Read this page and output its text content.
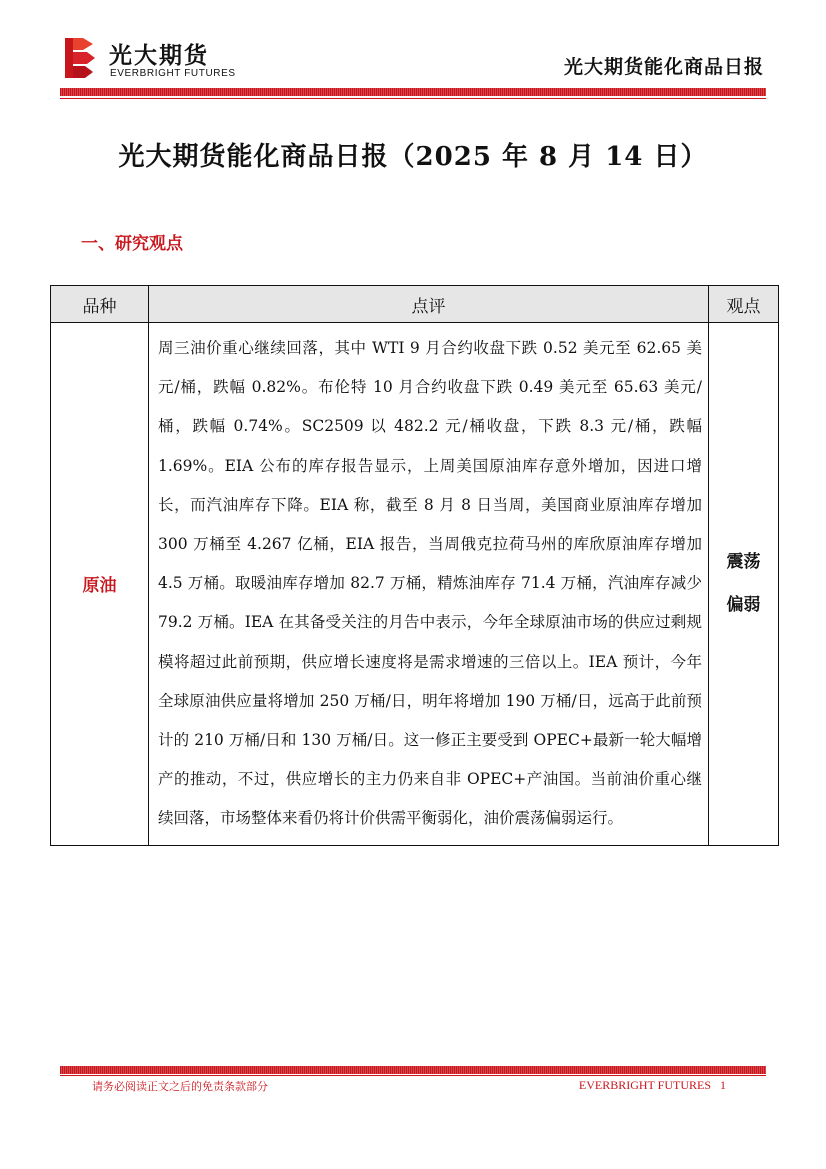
光大期货
EVERBRIGHT FUTURES	光大期货能化商品日报
光大期货能化商品日报（2025 年 8 月 14 日）
一、研究观点
品种	点评	观点
原油	周三油价重心继续回落，其中 WTI 9 月合约收盘下跌 0.52 美元至 62.65 美元/桶，跌幅 0.82%。布伦特 10 月合约收盘下跌 0.49 美元至 65.63 美元/桶，跌幅 0.74%。SC2509 以 482.2 元/桶收盘，下跌 8.3 元/桶，跌幅 1.69%。EIA 公布的库存报告显示，上周美国原油库存意外增加，因进口增长，而汽油库存下降。EIA 称，截至 8 月 8 日当周，美国商业原油库存增加 300 万桶至 4.267 亿桶，EIA 报告，当周俄克拉荷马州的库欣原油库存增加 4.5 万桶。取暖油库存增加 82.7 万桶，精炼油库存 71.4 万桶，汽油库存减少 79.2 万桶。IEA 在其备受关注的月告中表示，今年全球原油市场的供应过剩规模将超过此前预期，供应增长速度将是需求增速的三倍以上。IEA 预计，今年全球原油供应量将增加 250 万桶/日，明年将增加 190 万桶/日，远高于此前预计的 210 万桶/日和 130 万桶/日。这一修正主要受到 OPEC+最新一轮大幅增产的推动，不过，供应增长的主力仍来自非 OPEC+产油国。当前油价重心继续回落，市场整体来看仍将计价供需平衡弱化，油价震荡偏弱运行。	震荡偏弱
请务必阅读正文之后的免责条款部分	EVERBRIGHT FUTURES 1
